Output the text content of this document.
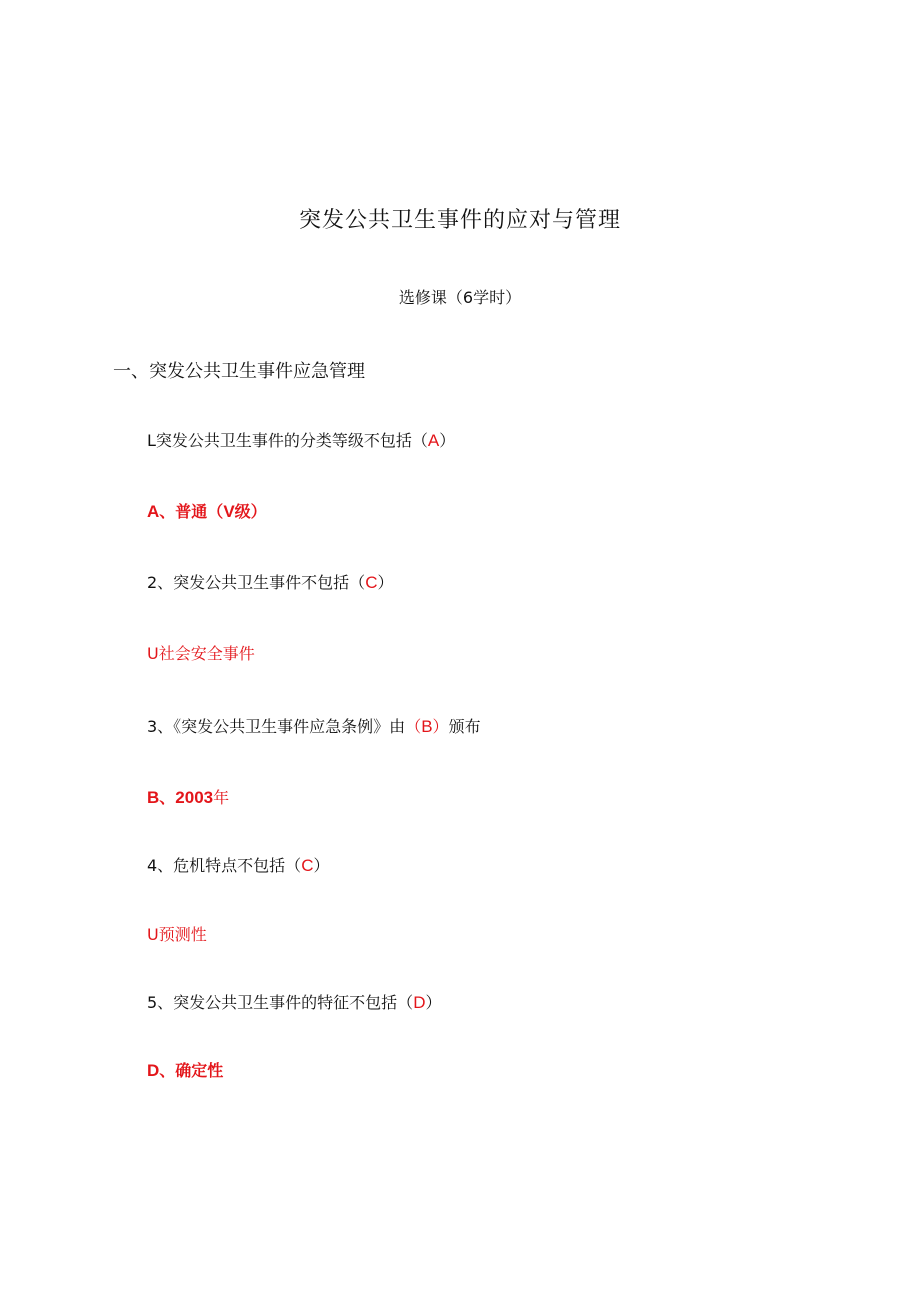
突发公共卫生事件的应对与管理
选修课（6学时）
一、突发公共卫生事件应急管理
L突发公共卫生事件的分类等级不包括（A）
A、普通（V级）
2、突发公共卫生事件不包括（C）
U社会安全事件
3、《突发公共卫生事件应急条例》由（B）颁布
B、2003年
4、危机特点不包括（C）
U预测性
5、突发公共卫生事件的特征不包括（D）
D、确定性
